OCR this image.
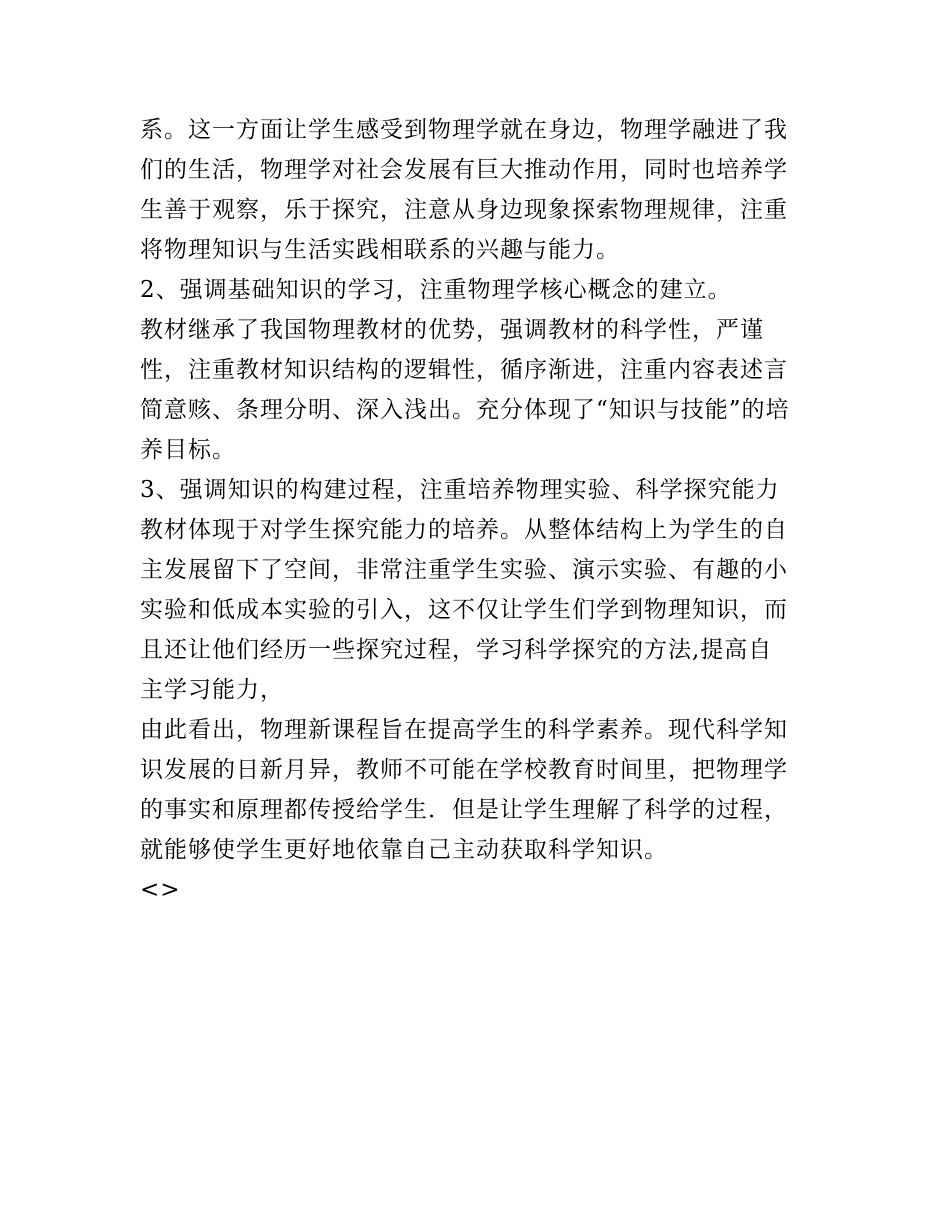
系。这一方面让学生感受到物理学就在身边，物理学融进了我
们的生活，物理学对社会发展有巨大推动作用，同时也培养学
生善于观察，乐于探究，注意从身边现象探索物理规律，注重
将物理知识与生活实践相联系的兴趣与能力。
2、强调基础知识的学习，注重物理学核心概念的建立。
教材继承了我国物理教材的优势，强调教材的科学性，严谨
性，注重教材知识结构的逻辑性，循序渐进，注重内容表述言
简意赅、条理分明、深入浅出。充分体现了“知识与技能”的培
养目标。
3、强调知识的构建过程，注重培养物理实验、科学探究能力
教材体现于对学生探究能力的培养。从整体结构上为学生的自
主发展留下了空间，非常注重学生实验、演示实验、有趣的小
实验和低成本实验的引入，这不仅让学生们学到物理知识，而
且还让他们经历一些探究过程，学习科学探究的方法,提高自
主学习能力，
由此看出，物理新课程旨在提高学生的科学素养。现代科学知
识发展的日新月异，教师不可能在学校教育时间里，把物理学
的事实和原理都传授给学生．但是让学生理解了科学的过程，
就能够使学生更好地依靠自己主动获取科学知识。
<>
